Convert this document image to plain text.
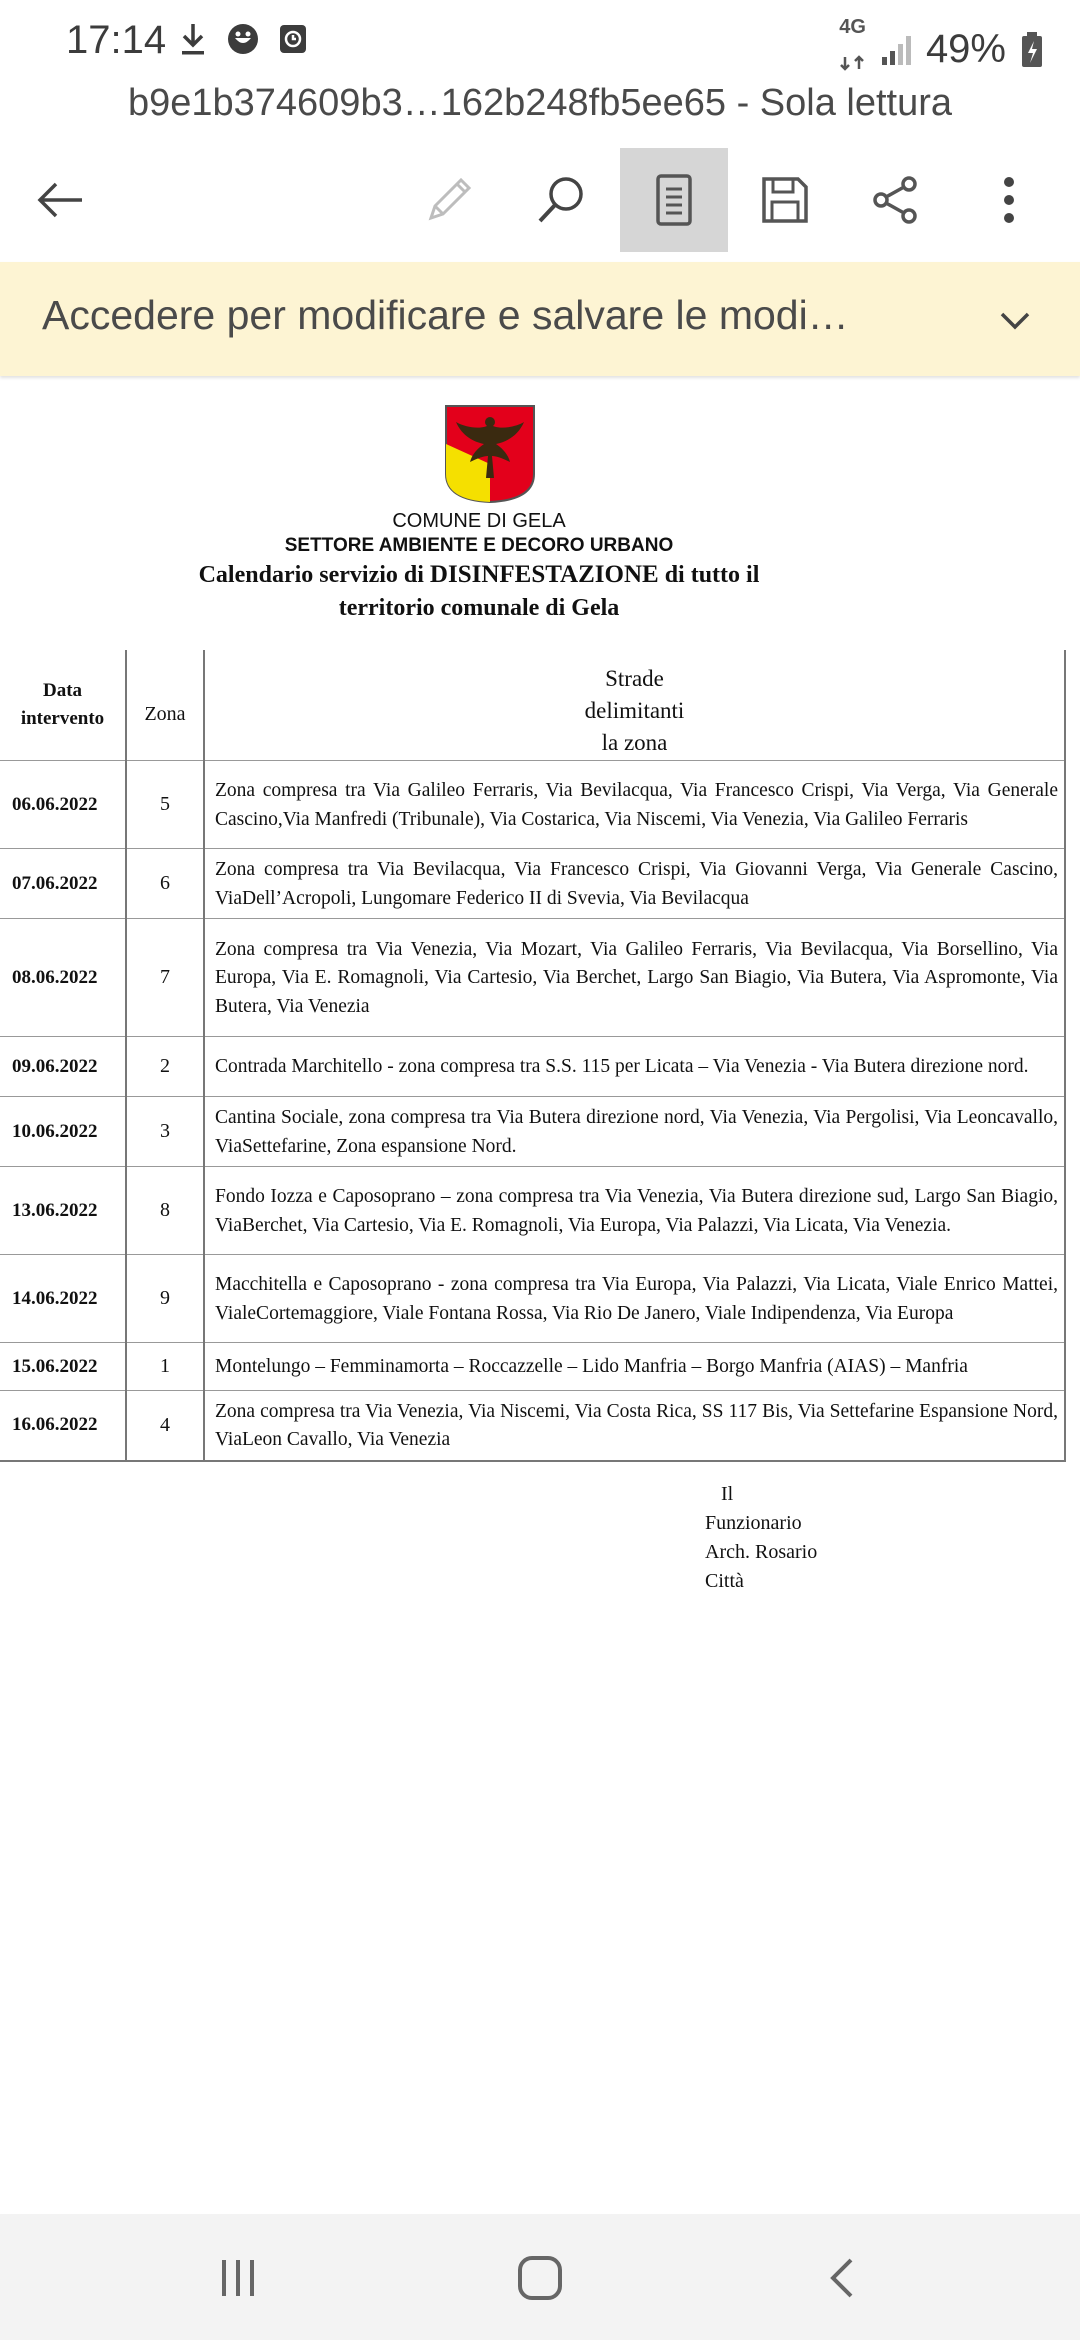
17:14	4G 49%
b9e1b374609b3…162b248fb5ee65 - Sola lettura
Accedere per modificare e salvare le modi…
COMUNE DI GELA
SETTORE AMBIENTE E DECORO URBANO
Calendario servizio di DISINFESTAZIONE di tutto il
territorio comunale di Gela
Data
intervento	Zona	Strade
delimitanti
la zona
06.06.2022	5	Zona compresa tra Via Galileo Ferraris, Via Bevilacqua, Via Francesco Crispi, Via Verga, Via Generale Cascino,Via Manfredi (Tribunale), Via Costarica, Via Niscemi, Via Venezia, Via Galileo Ferraris
07.06.2022	6	Zona compresa tra Via Bevilacqua, Via Francesco Crispi, Via Giovanni Verga, Via Generale Cascino, ViaDell’Acropoli, Lungomare Federico II di Svevia, Via Bevilacqua
08.06.2022	7	Zona compresa tra Via Venezia, Via Mozart, Via Galileo Ferraris, Via Bevilacqua, Via Borsellino, Via Europa, Via E. Romagnoli, Via Cartesio, Via Berchet, Largo San Biagio, Via Butera, Via Aspromonte, Via Butera, Via Venezia
09.06.2022	2	Contrada Marchitello - zona compresa tra S.S. 115 per Licata – Via Venezia - Via Butera direzione nord.
10.06.2022	3	Cantina Sociale, zona compresa tra Via Butera direzione nord, Via Venezia, Via Pergolisi, Via Leoncavallo, ViaSettefarine, Zona espansione Nord.
13.06.2022	8	Fondo Iozza e Caposoprano – zona compresa tra Via Venezia, Via Butera direzione sud, Largo San Biagio, ViaBerchet, Via Cartesio, Via E. Romagnoli, Via Europa, Via Palazzi, Via Licata, Via Venezia.
14.06.2022	9	Macchitella e Caposoprano - zona compresa tra Via Europa, Via Palazzi, Via Licata, Viale Enrico Mattei, VialeCortemaggiore, Viale Fontana Rossa, Via Rio De Janero, Viale Indipendenza, Via Europa
15.06.2022	1	Montelungo – Femminamorta – Roccazzelle – Lido Manfria – Borgo Manfria (AIAS) – Manfria
16.06.2022	4	Zona compresa tra Via Venezia, Via Niscemi, Via Costa Rica, SS 117 Bis, Via Settefarine Espansione Nord, ViaLeon Cavallo, Via Venezia
Il
Funzionario
Arch. Rosario
Città
